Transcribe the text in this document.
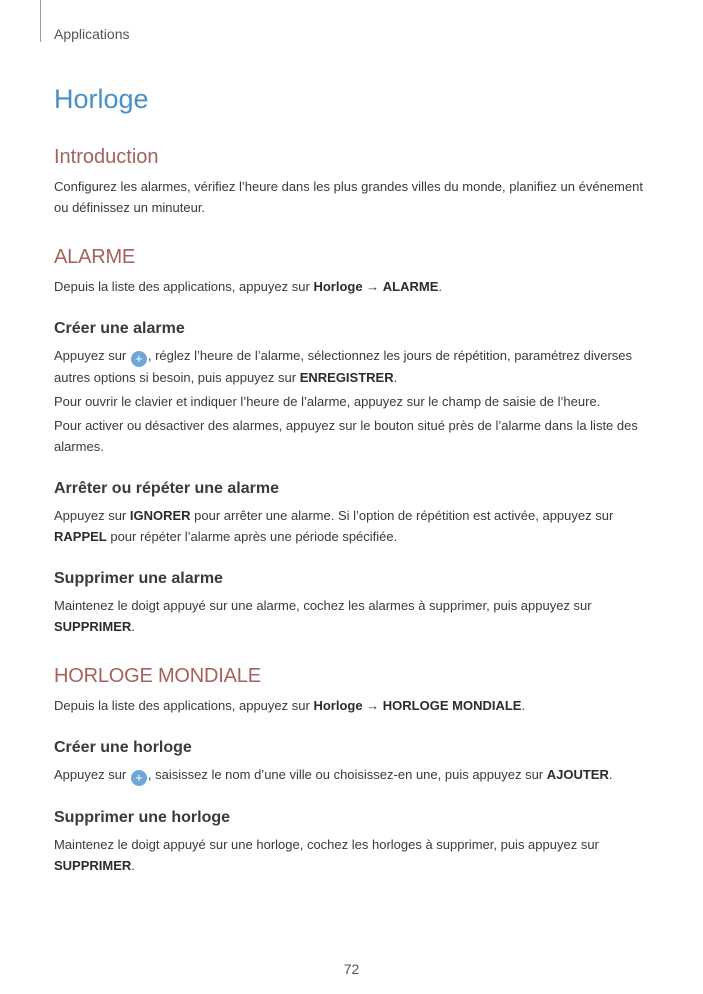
Applications
Horloge
Introduction

Configurez les alarmes, vérifiez l’heure dans les plus grandes villes du monde, planifiez un événement ou définissez un minuteur.

ALARME

Depuis la liste des applications, appuyez sur Horloge → ALARME.

Créer une alarme

Appuyez sur + , réglez l’heure de l’alarme, sélectionnez les jours de répétition, paramétrez diverses autres options si besoin, puis appuyez sur ENREGISTRER.

Pour ouvrir le clavier et indiquer l’heure de l’alarme, appuyez sur le champ de saisie de l’heure.

Pour activer ou désactiver des alarmes, appuyez sur le bouton situé près de l’alarme dans la liste des alarmes.

Arrêter ou répéter une alarme

Appuyez sur IGNORER pour arrêter une alarme. Si l’option de répétition est activée, appuyez sur RAPPEL pour répéter l’alarme après une période spécifiée.

Supprimer une alarme

Maintenez le doigt appuyé sur une alarme, cochez les alarmes à supprimer, puis appuyez sur SUPPRIMER.

HORLOGE MONDIALE

Depuis la liste des applications, appuyez sur Horloge → HORLOGE MONDIALE.

Créer une horloge

Appuyez sur + , saisissez le nom d’une ville ou choisissez-en une, puis appuyez sur AJOUTER.

Supprimer une horloge

Maintenez le doigt appuyé sur une horloge, cochez les horloges à supprimer, puis appuyez sur SUPPRIMER.

72
